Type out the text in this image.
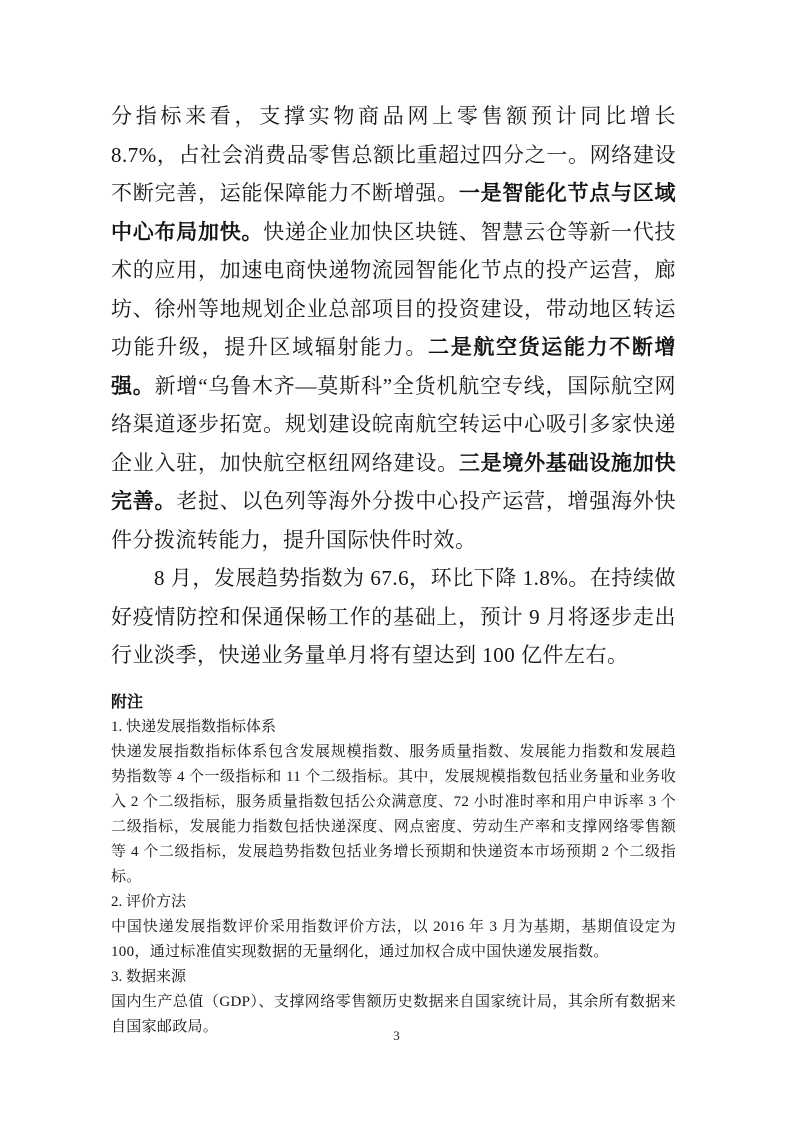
分指标来看，支撑实物商品网上零售额预计同比增长 8.7%，占社会消费品零售总额比重超过四分之一。网络建设不断完善，运能保障能力不断增强。一是智能化节点与区域中心布局加快。快递企业加快区块链、智慧云仓等新一代技术的应用，加速电商快递物流园智能化节点的投产运营，廊坊、徐州等地规划企业总部项目的投资建设，带动地区转运功能升级，提升区域辐射能力。二是航空货运能力不断增强。新增“乌鲁木齐—莫斯科”全货机航空专线，国际航空网络渠道逐步拓宽。规划建设皖南航空转运中心吸引多家快递企业入驻，加快航空枢纽网络建设。三是境外基础设施加快完善。老挝、以色列等海外分拨中心投产运营，增强海外快件分拨流转能力，提升国际快件时效。

8 月，发展趋势指数为 67.6，环比下降 1.8%。在持续做好疫情防控和保通保畅工作的基础上，预计 9 月将逐步走出行业淡季，快递业务量单月将有望达到 100 亿件左右。

附注
1. 快递发展指数指标体系
快递发展指数指标体系包含发展规模指数、服务质量指数、发展能力指数和发展趋势指数等 4 个一级指标和 11 个二级指标。其中，发展规模指数包括业务量和业务收入 2 个二级指标，服务质量指数包括公众满意度、72 小时准时率和用户申诉率 3 个二级指标，发展能力指数包括快递深度、网点密度、劳动生产率和支撑网络零售额等 4 个二级指标，发展趋势指数包括业务增长预期和快递资本市场预期 2 个二级指标。
2. 评价方法
中国快递发展指数评价采用指数评价方法，以 2016 年 3 月为基期，基期值设定为 100，通过标准值实现数据的无量纲化，通过加权合成中国快递发展指数。
3. 数据来源
国内生产总值（GDP）、支撑网络零售额历史数据来自国家统计局，其余所有数据来自国家邮政局。
3
